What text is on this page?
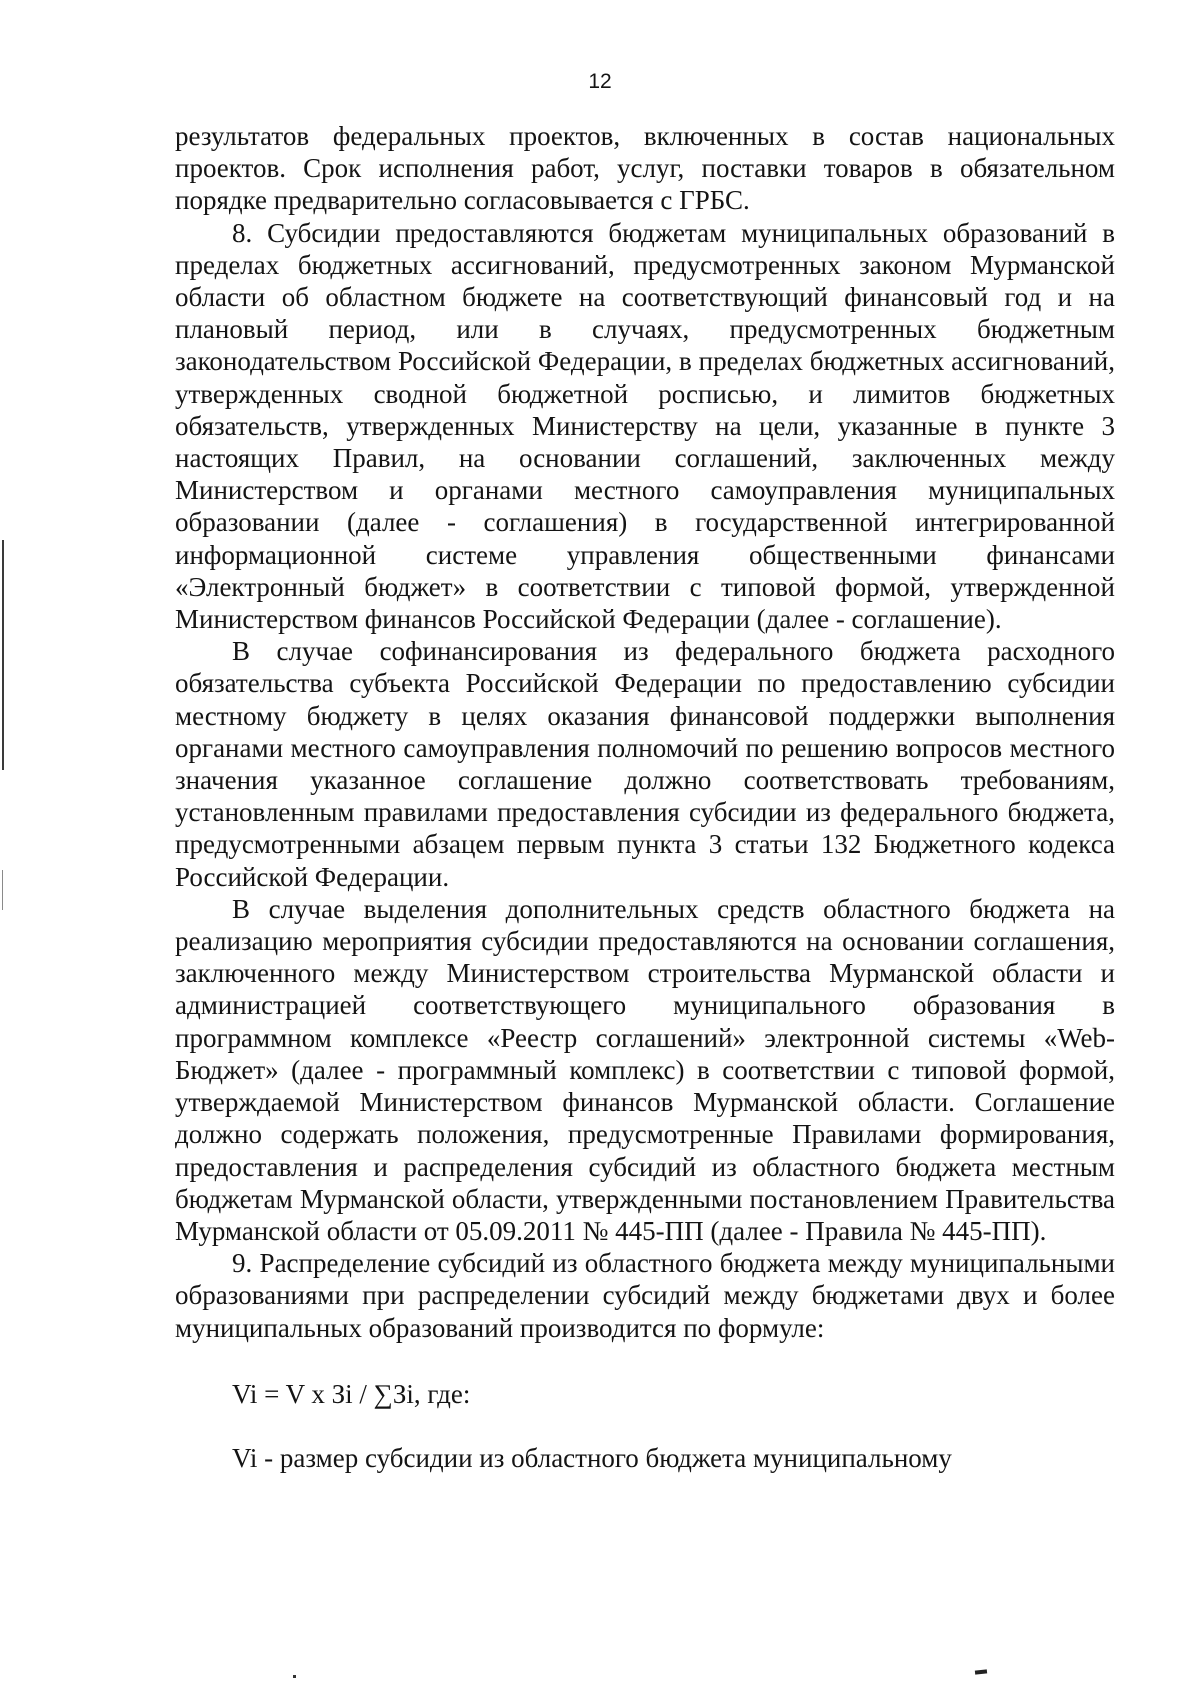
12

результатов федеральных проектов, включенных в состав национальных проектов. Срок исполнения работ, услуг, поставки товаров в обязательном порядке предварительно согласовывается с ГРБС.

8. Субсидии предоставляются бюджетам муниципальных образований в пределах бюджетных ассигнований, предусмотренных законом Мурманской области об областном бюджете на соответствующий финансовый год и на плановый период, или в случаях, предусмотренных бюджетным законодательством Российской Федерации, в пределах бюджетных ассигнований, утвержденных сводной бюджетной росписью, и лимитов бюджетных обязательств, утвержденных Министерству на цели, указанные в пункте 3 настоящих Правил, на основании соглашений, заключенных между Министерством и органами местного самоуправления муниципальных образовании (далее - соглашения) в государственной интегрированной информационной системе управления общественными финансами «Электронный бюджет» в соответствии с типовой формой, утвержденной Министерством финансов Российской Федерации (далее - соглашение).

В случае софинансирования из федерального бюджета расходного обязательства субъекта Российской Федерации по предоставлению субсидии местному бюджету в целях оказания финансовой поддержки выполнения органами местного самоуправления полномочий по решению вопросов местного значения указанное соглашение должно соответствовать требованиям, установленным правилами предоставления субсидии из федерального бюджета, предусмотренными абзацем первым пункта 3 статьи 132 Бюджетного кодекса Российской Федерации.

В случае выделения дополнительных средств областного бюджета на реализацию мероприятия субсидии предоставляются на основании соглашения, заключенного между Министерством строительства Мурманской области и администрацией соответствующего муниципального образования в программном комплексе «Реестр соглашений» электронной системы «Web-Бюджет» (далее - программный комплекс) в соответствии с типовой формой, утверждаемой Министерством финансов Мурманской области. Соглашение должно содержать положения, предусмотренные Правилами формирования, предоставления и распределения субсидий из областного бюджета местным бюджетам Мурманской области, утвержденными постановлением Правительства Мурманской области от 05.09.2011 № 445-ПП (далее - Правила № 445-ПП).

9. Распределение субсидий из областного бюджета между муниципальными образованиями при распределении субсидий между бюджетами двух и более муниципальных образований производится по формуле:

Vi = V x Зi / ∑Зi, где:

Vi - размер субсидии из областного бюджета муниципальному
